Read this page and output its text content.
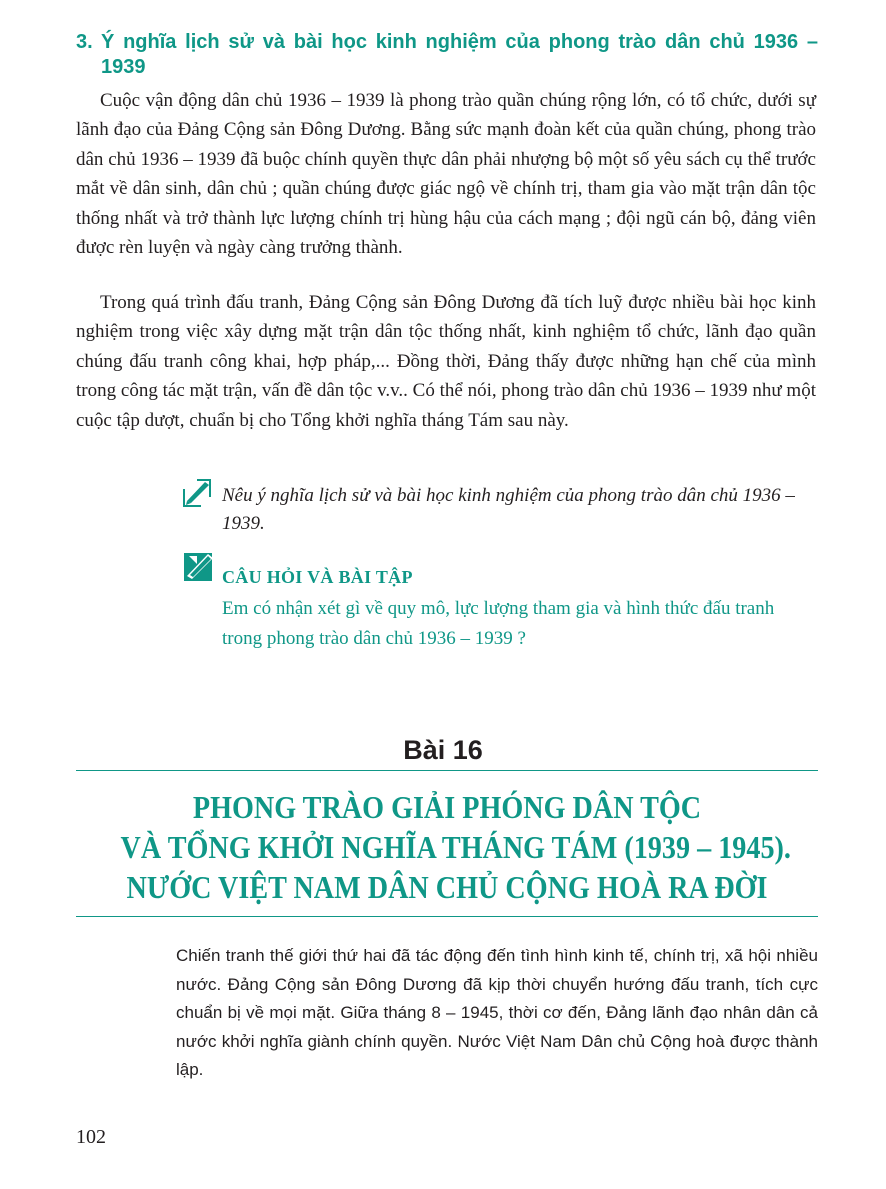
3. Ý nghĩa lịch sử và bài học kinh nghiệm của phong trào dân chủ 1936 – 1939

Cuộc vận động dân chủ 1936 – 1939 là phong trào quần chúng rộng lớn, có tổ chức, dưới sự lãnh đạo của Đảng Cộng sản Đông Dương. Bằng sức mạnh đoàn kết của quần chúng, phong trào dân chủ 1936 – 1939 đã buộc chính quyền thực dân phải nhượng bộ một số yêu sách cụ thể trước mắt về dân sinh, dân chủ ; quần chúng được giác ngộ về chính trị, tham gia vào mặt trận dân tộc thống nhất và trở thành lực lượng chính trị hùng hậu của cách mạng ; đội ngũ cán bộ, đảng viên được rèn luyện và ngày càng trưởng thành.

Trong quá trình đấu tranh, Đảng Cộng sản Đông Dương đã tích luỹ được nhiều bài học kinh nghiệm trong việc xây dựng mặt trận dân tộc thống nhất, kinh nghiệm tổ chức, lãnh đạo quần chúng đấu tranh công khai, hợp pháp,... Đồng thời, Đảng thấy được những hạn chế của mình trong công tác mặt trận, vấn đề dân tộc v.v.. Có thể nói, phong trào dân chủ 1936 – 1939 như một cuộc tập dượt, chuẩn bị cho Tổng khởi nghĩa tháng Tám sau này.

Nêu ý nghĩa lịch sử và bài học kinh nghiệm của phong trào dân chủ 1936 – 1939.

CÂU HỎI VÀ BÀI TẬP

Em có nhận xét gì về quy mô, lực lượng tham gia và hình thức đấu tranh trong phong trào dân chủ 1936 – 1939 ?

Bài 16
PHONG TRÀO GIẢI PHÓNG DÂN TỘC
VÀ TỔNG KHỞI NGHĨA THÁNG TÁM (1939 – 1945).
NƯỚC VIỆT NAM DÂN CHỦ CỘNG HOÀ RA ĐỜI

Chiến tranh thế giới thứ hai đã tác động đến tình hình kinh tế, chính trị, xã hội nhiều nước. Đảng Cộng sản Đông Dương đã kịp thời chuyển hướng đấu tranh, tích cực chuẩn bị về mọi mặt. Giữa tháng 8 – 1945, thời cơ đến, Đảng lãnh đạo nhân dân cả nước khởi nghĩa giành chính quyền. Nước Việt Nam Dân chủ Cộng hoà được thành lập.

102
